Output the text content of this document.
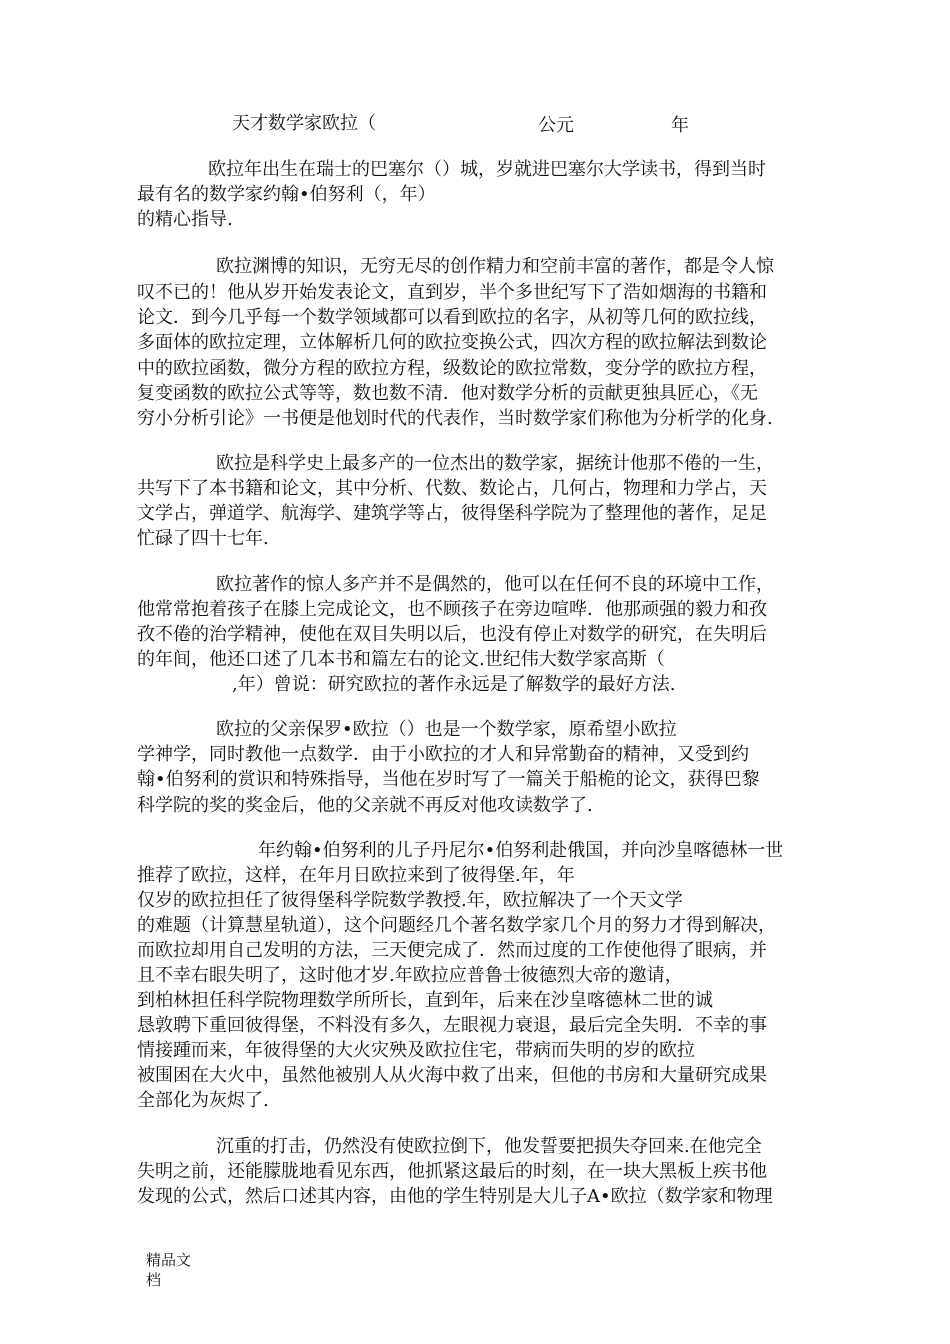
天才数学家欧拉（	公元	年
欧拉年出生在瑞士的巴塞尔（）城，岁就进巴塞尔大学读书，得到当时
最有名的数学家约翰•伯努利（，年）
的精心指导.
欧拉渊博的知识，无穷无尽的创作精力和空前丰富的著作，都是令人惊
叹不已的！他从岁开始发表论文，直到岁，半个多世纪写下了浩如烟海的书籍和
论文．到今几乎每一个数学领域都可以看到欧拉的名字，从初等几何的欧拉线，
多面体的欧拉定理，立体解析几何的欧拉变换公式，四次方程的欧拉解法到数论
中的欧拉函数，微分方程的欧拉方程，级数论的欧拉常数，变分学的欧拉方程，
复变函数的欧拉公式等等，数也数不清．他对数学分析的贡献更独具匠心，《无
穷小分析引论》一书便是他划时代的代表作，当时数学家们称他为分析学的化身.
欧拉是科学史上最多产的一位杰出的数学家，据统计他那不倦的一生，
共写下了本书籍和论文，其中分析、代数、数论占，几何占，物理和力学占，天
文学占，弹道学、航海学、建筑学等占，彼得堡科学院为了整理他的著作，足足
忙碌了四十七年.
欧拉著作的惊人多产并不是偶然的，他可以在任何不良的环境中工作，
他常常抱着孩子在膝上完成论文，也不顾孩子在旁边喧哗．他那顽强的毅力和孜
孜不倦的治学精神，使他在双目失明以后，也没有停止对数学的研究，在失明后
的年间，他还口述了几本书和篇左右的论文.世纪伟大数学家高斯（
,年）曾说：研究欧拉的著作永远是了解数学的最好方法.
欧拉的父亲保罗•欧拉（）也是一个数学家，原希望小欧拉
学神学，同时教他一点数学．由于小欧拉的才人和异常勤奋的精神，又受到约
翰•伯努利的赏识和特殊指导，当他在岁时写了一篇关于船桅的论文，获得巴黎
科学院的奖的奖金后，他的父亲就不再反对他攻读数学了.
年约翰•伯努利的儿子丹尼尔•伯努利赴俄国，并向沙皇喀德林一世
推荐了欧拉，这样，在年月日欧拉来到了彼得堡.年，年
仅岁的欧拉担任了彼得堡科学院数学教授.年，欧拉解决了一个天文学
的难题（计算慧星轨道），这个问题经几个著名数学家几个月的努力才得到解决，
而欧拉却用自己发明的方法，三天便完成了．然而过度的工作使他得了眼病，并
且不幸右眼失明了，这时他才岁.年欧拉应普鲁士彼德烈大帝的邀请，
到柏林担任科学院物理数学所所长，直到年，后来在沙皇喀德林二世的诚
恳敦聘下重回彼得堡，不料没有多久，左眼视力衰退，最后完全失明．不幸的事
情接踵而来，年彼得堡的大火灾殃及欧拉住宅，带病而失明的岁的欧拉
被围困在大火中，虽然他被别人从火海中救了出来，但他的书房和大量研究成果
全部化为灰烬了.
沉重的打击，仍然没有使欧拉倒下，他发誓要把损失夺回来.在他完全
失明之前，还能朦胧地看见东西，他抓紧这最后的时刻，在一块大黑板上疾书他
发现的公式，然后口述其内容，由他的学生特别是大儿子A•欧拉（数学家和物理
精品文
档
